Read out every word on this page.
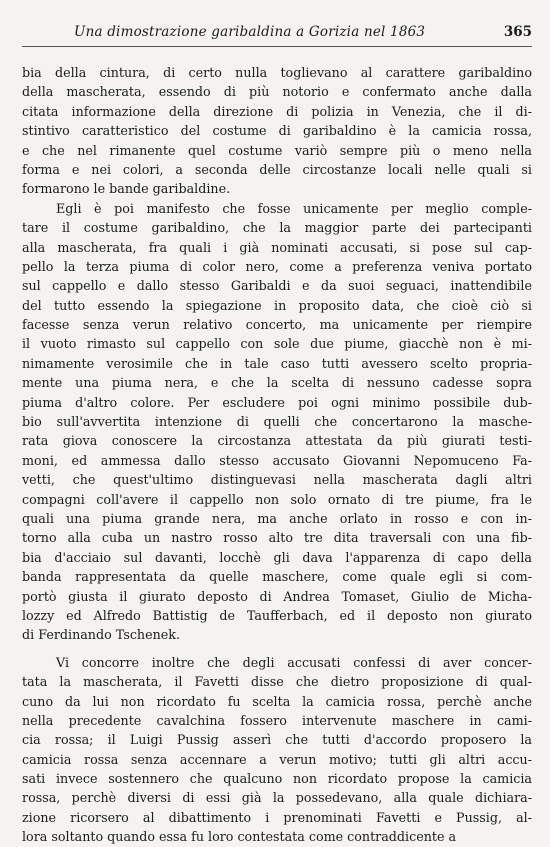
Una dimostrazione garibaldina a Gorizia nel 1863	365
bia della cintura, di certo nulla toglievano al carattere garibaldino
della mascherata, essendo di più notorio e confermato anche dalla
citata informazione della direzione di polizia in Venezia, che il di-
stintivo caratteristico del costume di garibaldino è la camicia rossa,
e che nel rimanente quel costume variò sempre più o meno nella
forma e nei colori, a seconda delle circostanze locali nelle quali si
formarono le bande garibaldine.
Egli è poi manifesto che fosse unicamente per meglio comple-
tare il costume garibaldino, che la maggior parte dei partecipanti
alla mascherata, fra quali i già nominati accusati, si pose sul cap-
pello la terza piuma di color nero, come a preferenza veniva portato
sul cappello e dallo stesso Garibaldi e da suoi seguaci, inattendibile
del tutto essendo la spiegazione in proposito data, che cioè ciò si
facesse senza verun relativo concerto, ma unicamente per riempire
il vuoto rimasto sul cappello con sole due piume, giacchè non è mi-
nimamente verosimile che in tale caso tutti avessero scelto propria-
mente una piuma nera, e che la scelta di nessuno cadesse sopra
piuma d'altro colore. Per escludere poi ogni minimo possibile dub-
bio sull'avvertita intenzione di quelli che concertarono la masche-
rata giova conoscere la circostanza attestata da più giurati testi-
moni, ed ammessa dallo stesso accusato Giovanni Nepomuceno Fa-
vetti, che quest'ultimo distinguevasi nella mascherata dagli altri
compagni coll'avere il cappello non solo ornato di tre piume, fra le
quali una piuma grande nera, ma anche orlato in rosso e con in-
torno alla cuba un nastro rosso alto tre dita traversali con una fib-
bia d'acciaio sul davanti, locchè gli dava l'apparenza di capo della
banda rappresentata da quelle maschere, come quale egli si com-
portò giusta il giurato deposto di Andrea Tomaset, Giulio de Micha-
lozzy ed Alfredo Battistig de Taufferbach, ed il deposto non giurato
di Ferdinando Tschenek.
Vi concorre inoltre che degli accusati confessi di aver concer-
tata la mascherata, il Favetti disse che dietro proposizione di qual-
cuno da lui non ricordato fu scelta la camicia rossa, perchè anche
nella precedente cavalchina fossero intervenute maschere in cami-
cia rossa; il Luigi Pussig asserì che tutti d'accordo proposero la
camicia rossa senza accennare a verun motivo; tutti gli altri accu-
sati invece sostennero che qualcuno non ricordato propose la camicia
rossa, perchè diversi di essi già la possedevano, alla quale dichiara-
zione ricorsero al dibattimento i prenominati Favetti e Pussig, al-
lora soltanto quando essa fu loro contestata come contraddicente a
